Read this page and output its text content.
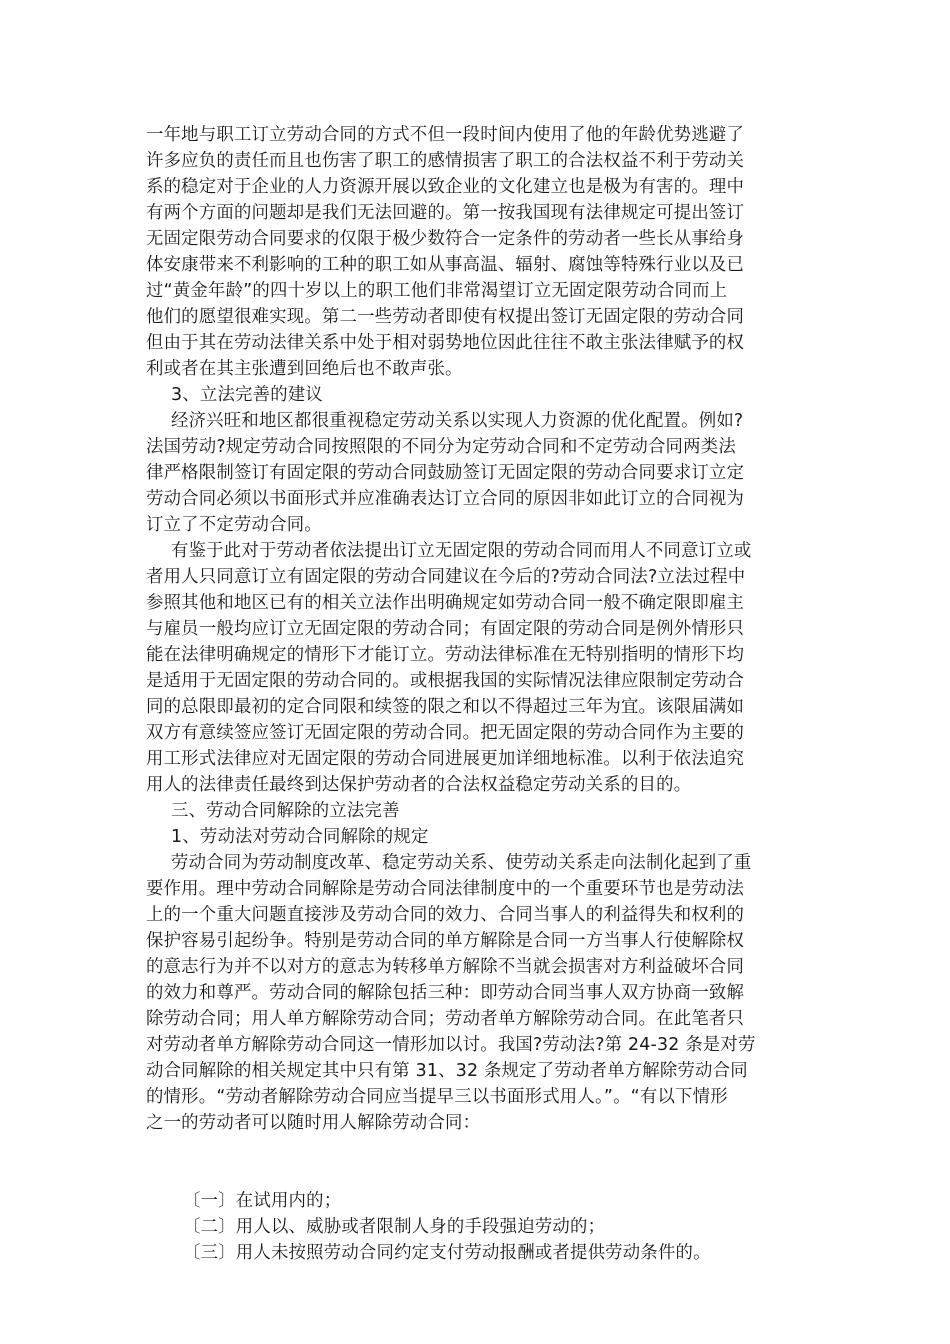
一年地与职工订立劳动合同的方式不但一段时间内使用了他的年龄优势逃避了
许多应负的责任而且也伤害了职工的感情损害了职工的合法权益不利于劳动关
系的稳定对于企业的人力资源开展以致企业的文化建立也是极为有害的。理中
有两个方面的问题却是我们无法回避的。第一按我国现有法律规定可提出签订
无固定限劳动合同要求的仅限于极少数符合一定条件的劳动者一些长从事给身
体安康带来不利影响的工种的职工如从事高温、辐射、腐蚀等特殊行业以及已
过“黄金年龄”的四十岁以上的职工他们非常渴望订立无固定限劳动合同而上
他们的愿望很难实现。第二一些劳动者即使有权提出签订无固定限的劳动合同
但由于其在劳动法律关系中处于相对弱势地位因此往往不敢主张法律赋予的权
利或者在其主张遭到回绝后也不敢声张。
3、立法完善的建议
经济兴旺和地区都很重视稳定劳动关系以实现人力资源的优化配置。例如?
法国劳动?规定劳动合同按照限的不同分为定劳动合同和不定劳动合同两类法
律严格限制签订有固定限的劳动合同鼓励签订无固定限的劳动合同要求订立定
劳动合同必须以书面形式并应准确表达订立合同的原因非如此订立的合同视为
订立了不定劳动合同。
有鉴于此对于劳动者依法提出订立无固定限的劳动合同而用人不同意订立或
者用人只同意订立有固定限的劳动合同建议在今后的?劳动合同法?立法过程中
参照其他和地区已有的相关立法作出明确规定如劳动合同一般不确定限即雇主
与雇员一般均应订立无固定限的劳动合同；有固定限的劳动合同是例外情形只
能在法律明确规定的情形下才能订立。劳动法律标准在无特别指明的情形下均
是适用于无固定限的劳动合同的。或根据我国的实际情况法律应限制定劳动合
同的总限即最初的定合同限和续签的限之和以不得超过三年为宜。该限届满如
双方有意续签应签订无固定限的劳动合同。把无固定限的劳动合同作为主要的
用工形式法律应对无固定限的劳动合同进展更加详细地标准。以利于依法追究
用人的法律责任最终到达保护劳动者的合法权益稳定劳动关系的目的。
三、劳动合同解除的立法完善
1、劳动法对劳动合同解除的规定
劳动合同为劳动制度改革、稳定劳动关系、使劳动关系走向法制化起到了重
要作用。理中劳动合同解除是劳动合同法律制度中的一个重要环节也是劳动法
上的一个重大问题直接涉及劳动合同的效力、合同当事人的利益得失和权利的
保护容易引起纷争。特别是劳动合同的单方解除是合同一方当事人行使解除权
的意志行为并不以对方的意志为转移单方解除不当就会损害对方利益破坏合同
的效力和尊严。劳动合同的解除包括三种：即劳动合同当事人双方协商一致解
除劳动合同；用人单方解除劳动合同；劳动者单方解除劳动合同。在此笔者只
对劳动者单方解除劳动合同这一情形加以讨。我国?劳动法?第 24-32 条是对劳
动合同解除的相关规定其中只有第 31、32 条规定了劳动者单方解除劳动合同
的情形。“劳动者解除劳动合同应当提早三以书面形式用人。”。“有以下情形
之一的劳动者可以随时用人解除劳动合同：
〔一〕在试用内的；
〔二〕用人以、威胁或者限制人身的手段强迫劳动的；
〔三〕用人未按照劳动合同约定支付劳动报酬或者提供劳动条件的。
